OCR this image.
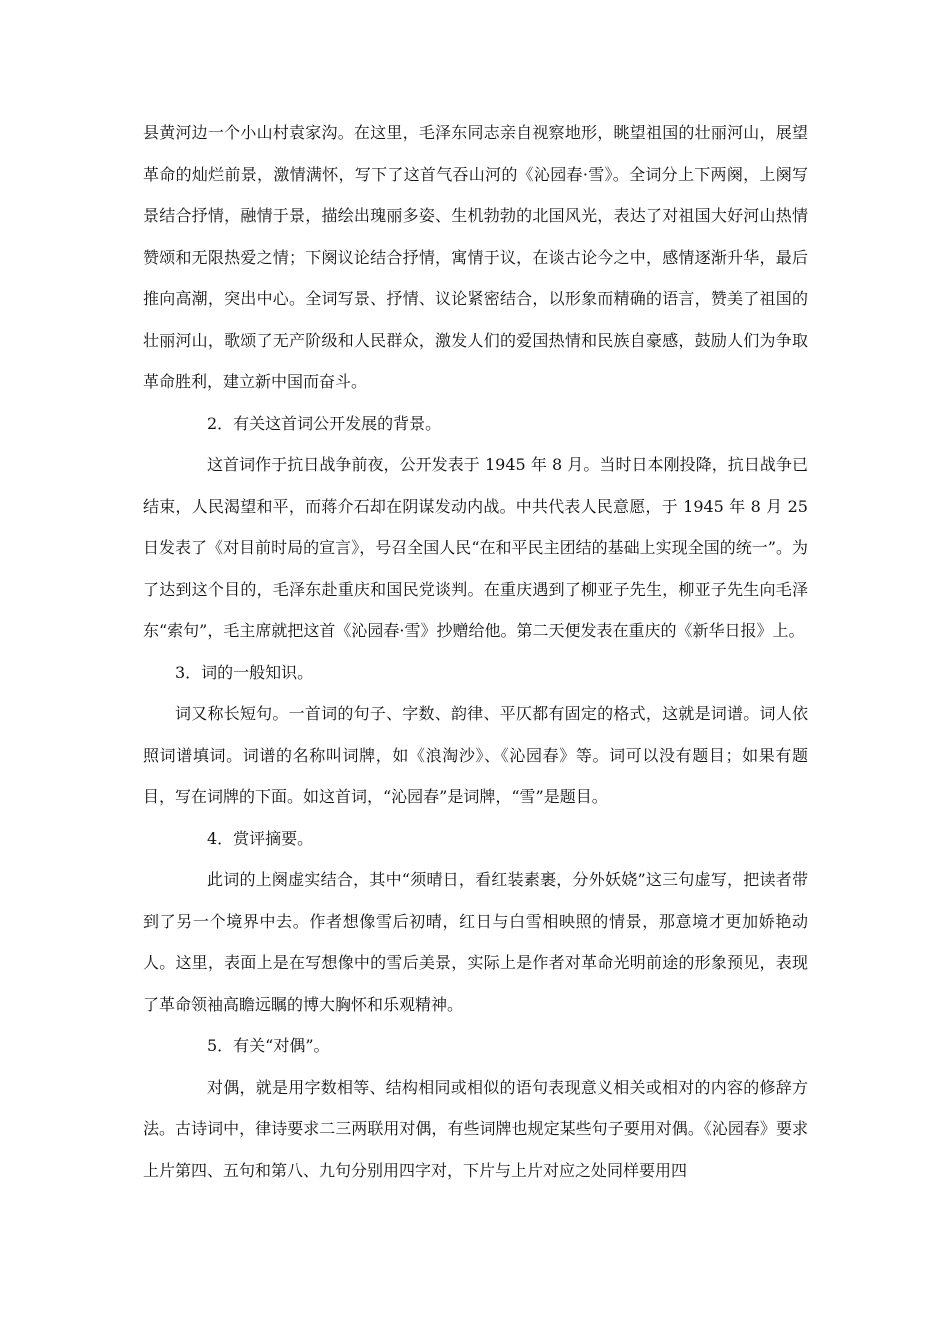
县黄河边一个小山村袁家沟。在这里，毛泽东同志亲自视察地形，眺望祖国的壮丽河山，展望革命的灿烂前景，激情满怀，写下了这首气吞山河的《沁园春·雪》。全词分上下两阕，上阕写景结合抒情，融情于景，描绘出瑰丽多姿、生机勃勃的北国风光，表达了对祖国大好河山热情赞颂和无限热爱之情；下阕议论结合抒情，寓情于议，在谈古论今之中，感情逐渐升华，最后推向高潮，突出中心。全词写景、抒情、议论紧密结合，以形象而精确的语言，赞美了祖国的壮丽河山，歌颂了无产阶级和人民群众，激发人们的爱国热情和民族自豪感，鼓励人们为争取革命胜利，建立新中国而奋斗。

2．有关这首词公开发展的背景。

这首词作于抗日战争前夜，公开发表于 1945 年 8 月。当时日本刚投降，抗日战争已结束，人民渴望和平，而蒋介石却在阴谋发动内战。中共代表人民意愿，于 1945 年 8 月 25 日发表了《对目前时局的宣言》，号召全国人民“在和平民主团结的基础上实现全国的统一”。为了达到这个目的，毛泽东赴重庆和国民党谈判。在重庆遇到了柳亚子先生，柳亚子先生向毛泽东“索句”，毛主席就把这首《沁园春·雪》抄赠给他。第二天便发表在重庆的《新华日报》上。

3．词的一般知识。

词又称长短句。一首词的句子、字数、韵律、平仄都有固定的格式，这就是词谱。词人依照词谱填词。词谱的名称叫词牌，如《浪淘沙》、《沁园春》等。词可以没有题目；如果有题目，写在词牌的下面。如这首词，“沁园春”是词牌，“雪”是题目。

4．赏评摘要。

此词的上阕虚实结合，其中“须晴日，看红装素裹，分外妖娆”这三句虚写，把读者带到了另一个境界中去。作者想像雪后初晴，红日与白雪相映照的情景，那意境才更加娇艳动人。这里，表面上是在写想像中的雪后美景，实际上是作者对革命光明前途的形象预见，表现了革命领袖高瞻远瞩的博大胸怀和乐观精神。

5．有关“对偶”。

对偶，就是用字数相等、结构相同或相似的语句表现意义相关或相对的内容的修辞方法。古诗词中，律诗要求二三两联用对偶，有些词牌也规定某些句子要用对偶。《沁园春》要求上片第四、五句和第八、九句分别用四字对，下片与上片对应之处同样要用四
